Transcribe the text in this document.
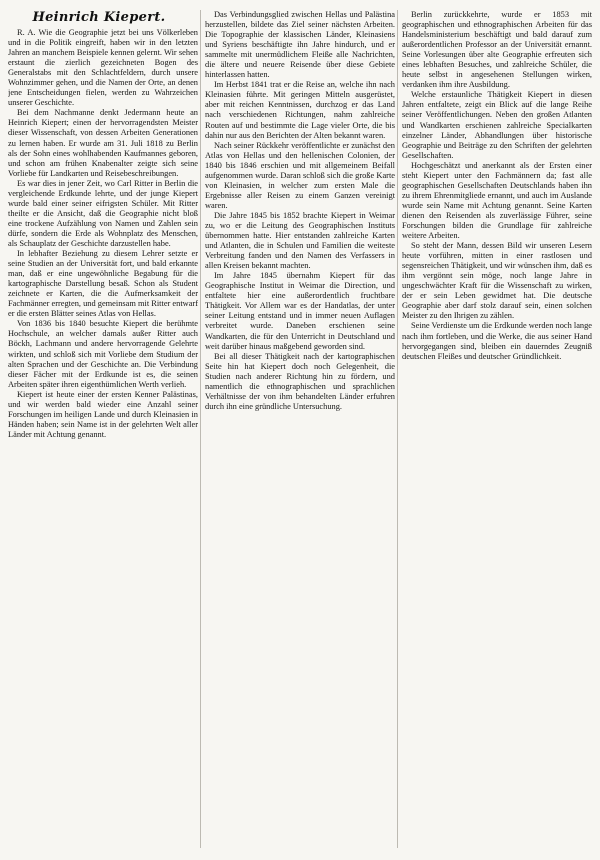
Heinrich Kiepert.

R. A. Wie die Geographie jetzt bei uns Völkerleben und in die Politik eingreift, haben wir in den letzten Jahren an manchem Beispiele kennen gelernt. Wir sehen erstaunt die zierlich gezeichneten Bogen des Generalstabs mit den Schlachtfeldern, durch unsere Wohnzimmer gehen, und die Namen der Orte, an denen jene Entscheidungen fielen, werden zu Wahrzeichen unserer Geschichte.

Bei dem Nachmanne denkt Jedermann heute an Heinrich Kiepert; einen der hervorragendsten Meister dieser Wissenschaft, von dessen Arbeiten Generationen zu lernen haben. Er wurde am 31. Juli 1818 zu Berlin als der Sohn eines wohlhabenden Kaufmannes geboren, und schon am frühen Knabenalter zeigte sich seine Vorliebe für Landkarten und Reisebeschreibungen.

Es war dies in jener Zeit, wo Carl Ritter in Berlin die vergleichende Erdkunde lehrte, und der junge Kiepert wurde bald einer seiner eifrigsten Schüler. Mit Ritter theilte er die Ansicht, daß die Geographie nicht bloß eine trockene Aufzählung von Namen und Zahlen sein dürfe, sondern die Erde als Wohnplatz des Menschen, als Schauplatz der Geschichte darzustellen habe.

In lebhafter Beziehung zu diesem Lehrer setzte er seine Studien an der Universität fort, und bald erkannte man, daß er eine ungewöhnliche Begabung für die kartographische Darstellung besaß. Schon als Student zeichnete er Karten, die die Aufmerksamkeit der Fachmänner erregten, und gemeinsam mit Ritter entwarf er die ersten Blätter seines Atlas von Hellas.

Von 1836 bis 1840 besuchte Kiepert die berühmte Hochschule, an welcher damals außer Ritter auch Böckh, Lachmann und andere hervorragende Gelehrte wirkten, und schloß sich mit Vorliebe dem Studium der alten Sprachen und der Geschichte an. Die Verbindung dieser Fächer mit der Erdkunde ist es, die seinen Arbeiten später ihren eigenthümlichen Werth verlieh.

Kiepert ist heute einer der ersten Kenner Palästinas, und wir werden bald wieder eine Anzahl seiner Forschungen im heiligen Lande und durch Kleinasien in Händen haben; sein Name ist in der gelehrten Welt aller Länder mit Achtung genannt.

Das Verbindungsglied zwischen Hellas und Palästina herzustellen, bildete das Ziel seiner nächsten Arbeiten. Die Topographie der klassischen Länder, Kleinasiens und Syriens beschäftigte ihn Jahre hindurch, und er sammelte mit unermüdlichem Fleiße alle Nachrichten, die ältere und neuere Reisende über diese Gebiete hinterlassen hatten.

Im Herbst 1841 trat er die Reise an, welche ihn nach Kleinasien führte. Mit geringen Mitteln ausgerüstet, aber mit reichen Kenntnissen, durchzog er das Land nach verschiedenen Richtungen, nahm zahlreiche Routen auf und bestimmte die Lage vieler Orte, die bis dahin nur aus den Berichten der Alten bekannt waren.

Nach seiner Rückkehr veröffentlichte er zunächst den Atlas von Hellas und den hellenischen Colonien, der 1840 bis 1846 erschien und mit allgemeinem Beifall aufgenommen wurde. Daran schloß sich die große Karte von Kleinasien, in welcher zum ersten Male die Ergebnisse aller Reisen zu einem Ganzen vereinigt waren.

Die Jahre 1845 bis 1852 brachte Kiepert in Weimar zu, wo er die Leitung des Geographischen Instituts übernommen hatte. Hier entstanden zahlreiche Karten und Atlanten, die in Schulen und Familien die weiteste Verbreitung fanden und den Namen des Verfassers in allen Kreisen bekannt machten.

Im Jahre 1845 übernahm Kiepert für das Geographische Institut in Weimar die Direction, und entfaltete hier eine außerordentlich fruchtbare Thätigkeit. Vor Allem war es der Handatlas, der unter seiner Leitung entstand und in immer neuen Auflagen verbreitet wurde. Daneben erschienen seine Wandkarten, die für den Unterricht in Deutschland und weit darüber hinaus maßgebend geworden sind.

Bei all dieser Thätigkeit nach der kartographischen Seite hin hat Kiepert doch noch Gelegenheit, die Studien nach anderer Richtung hin zu fördern, und namentlich die ethnographischen und sprachlichen Verhältnisse der von ihm behandelten Länder erfuhren durch ihn eine gründliche Untersuchung.

Berlin zurückkehrte, wurde er 1853 mit geographischen und ethnographischen Arbeiten für das Handelsministerium beschäftigt und bald darauf zum außerordentlichen Professor an der Universität ernannt. Seine Vorlesungen über alte Geographie erfreuten sich eines lebhaften Besuches, und zahlreiche Schüler, die heute selbst in angesehenen Stellungen wirken, verdanken ihm ihre Ausbildung.

Welche erstaunliche Thätigkeit Kiepert in diesen Jahren entfaltete, zeigt ein Blick auf die lange Reihe seiner Veröffentlichungen. Neben den großen Atlanten und Wandkarten erschienen zahlreiche Specialkarten einzelner Länder, Abhandlungen über historische Geographie und Beiträge zu den Schriften der gelehrten Gesellschaften.

Hochgeschätzt und anerkannt als der Ersten einer steht Kiepert unter den Fachmännern da; fast alle geographischen Gesellschaften Deutschlands haben ihn zu ihrem Ehrenmitgliede ernannt, und auch im Auslande wurde sein Name mit Achtung genannt. Seine Karten dienen den Reisenden als zuverlässige Führer, seine Forschungen bilden die Grundlage für zahlreiche weitere Arbeiten.

So steht der Mann, dessen Bild wir unseren Lesern heute vorführen, mitten in einer rastlosen und segensreichen Thätigkeit, und wir wünschen ihm, daß es ihm vergönnt sein möge, noch lange Jahre in ungeschwächter Kraft für die Wissenschaft zu wirken, der er sein Leben gewidmet hat. Die deutsche Geographie aber darf stolz darauf sein, einen solchen Meister zu den Ihrigen zu zählen.

Seine Verdienste um die Erdkunde werden noch lange nach ihm fortleben, und die Werke, die aus seiner Hand hervorgegangen sind, bleiben ein dauerndes Zeugniß deutschen Fleißes und deutscher Gründlichkeit.
